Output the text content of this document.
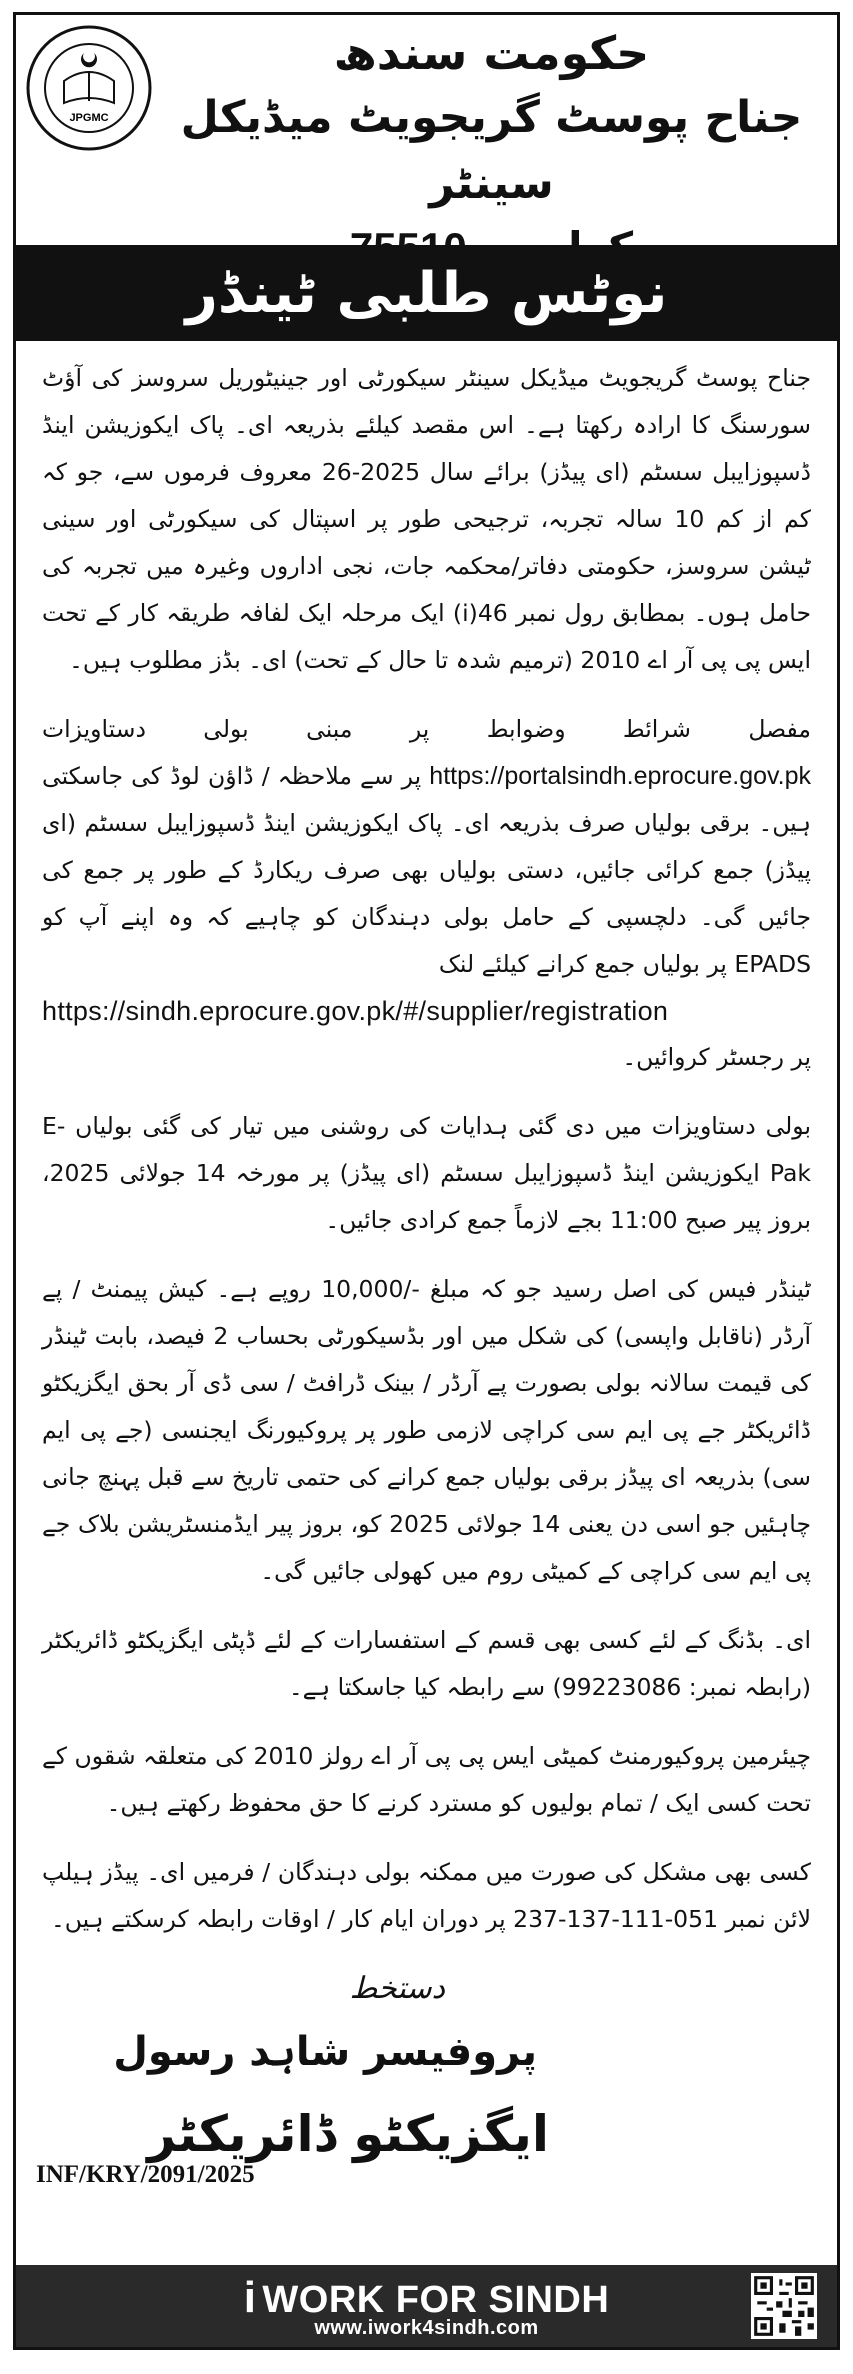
JPGMC
حکومت سندھ
جناح پوسٹ گریجویٹ میڈیکل سینٹر
کراچی 75510
نوٹس طلبی ٹینڈر

جناح پوسٹ گریجویٹ میڈیکل سینٹر سیکورٹی اور جینیٹوریل سروسز کی آؤٹ سورسنگ کا ارادہ رکھتا ہے۔ اس مقصد کیلئے بذریعہ ای۔ پاک ایکوزیشن اینڈ ڈسپوزایبل سسٹم (ای پیڈز) برائے سال 2025-26 معروف فرموں سے، جو کہ کم از کم 10 سالہ تجربہ، ترجیحی طور پر اسپتال کی سیکورٹی اور سینی ٹیشن سروسز، حکومتی دفاتر/محکمہ جات، نجی اداروں وغیرہ میں تجربہ کی حامل ہوں۔ بمطابق رول نمبر 46(i) ایک مرحلہ ایک لفافہ طریقہ کار کے تحت ایس پی پی آر اے 2010 (ترمیم شدہ تا حال کے تحت) ای۔ بڈز مطلوب ہیں۔

مفصل شرائط وضوابط پر مبنی بولی دستاویزات https://portalsindh.eprocure.gov.pk پر سے ملاحظہ / ڈاؤن لوڈ کی جاسکتی ہیں۔ برقی بولیاں صرف بذریعہ ای۔ پاک ایکوزیشن اینڈ ڈسپوزایبل سسٹم (ای پیڈز) جمع کرائی جائیں، دستی بولیاں بھی صرف ریکارڈ کے طور پر جمع کی جائیں گی۔ دلچسپی کے حامل بولی دہندگان کو چاہیے کہ وہ اپنے آپ کو EPADS پر بولیاں جمع کرانے کیلئے لنک
https://sindh.eprocure.gov.pk/#/supplier/registration
پر رجسٹر کروائیں۔

بولی دستاویزات میں دی گئی ہدایات کی روشنی میں تیار کی گئی بولیاں E-Pak ایکوزیشن اینڈ ڈسپوزایبل سسٹم (ای پیڈز) پر مورخہ 14 جولائی 2025، بروز پیر صبح 11:00 بجے لازماً جمع کرادی جائیں۔

ٹینڈر فیس کی اصل رسید جو کہ مبلغ -/10,000 روپے ہے۔ کیش پیمنٹ / پے آرڈر (ناقابل واپسی) کی شکل میں اور بڈسیکورٹی بحساب 2 فیصد، بابت ٹینڈر کی قیمت سالانہ بولی بصورت پے آرڈر / بینک ڈرافٹ / سی ڈی آر بحق ایگزیکٹو ڈائریکٹر جے پی ایم سی کراچی لازمی طور پر پروکیورنگ ایجنسی (جے پی ایم سی) بذریعہ ای پیڈز برقی بولیاں جمع کرانے کی حتمی تاریخ سے قبل پہنچ جانی چاہئیں جو اسی دن یعنی 14 جولائی 2025 کو، بروز پیر ایڈمنسٹریشن بلاک جے پی ایم سی کراچی کے کمیٹی روم میں کھولی جائیں گی۔

ای۔ بڈنگ کے لئے کسی بھی قسم کے استفسارات کے لئے ڈپٹی ایگزیکٹو ڈائریکٹر (رابطہ نمبر: 99223086) سے رابطہ کیا جاسکتا ہے۔

چیئرمین پروکیورمنٹ کمیٹی ایس پی پی آر اے رولز 2010 کی متعلقہ شقوں کے تحت کسی ایک / تمام بولیوں کو مسترد کرنے کا حق محفوظ رکھتے ہیں۔

کسی بھی مشکل کی صورت میں ممکنہ بولی دہندگان / فرمیں ای۔ پیڈز ہیلپ لائن نمبر 051-111-137-237 پر دوران ایام کار / اوقات رابطہ کرسکتے ہیں۔

دستخط
پروفیسر شاہد رسول
ایگزیکٹو ڈائریکٹر
INF/KRY/2091/2025
i WORK FOR SINDH
www.iwork4sindh.com
